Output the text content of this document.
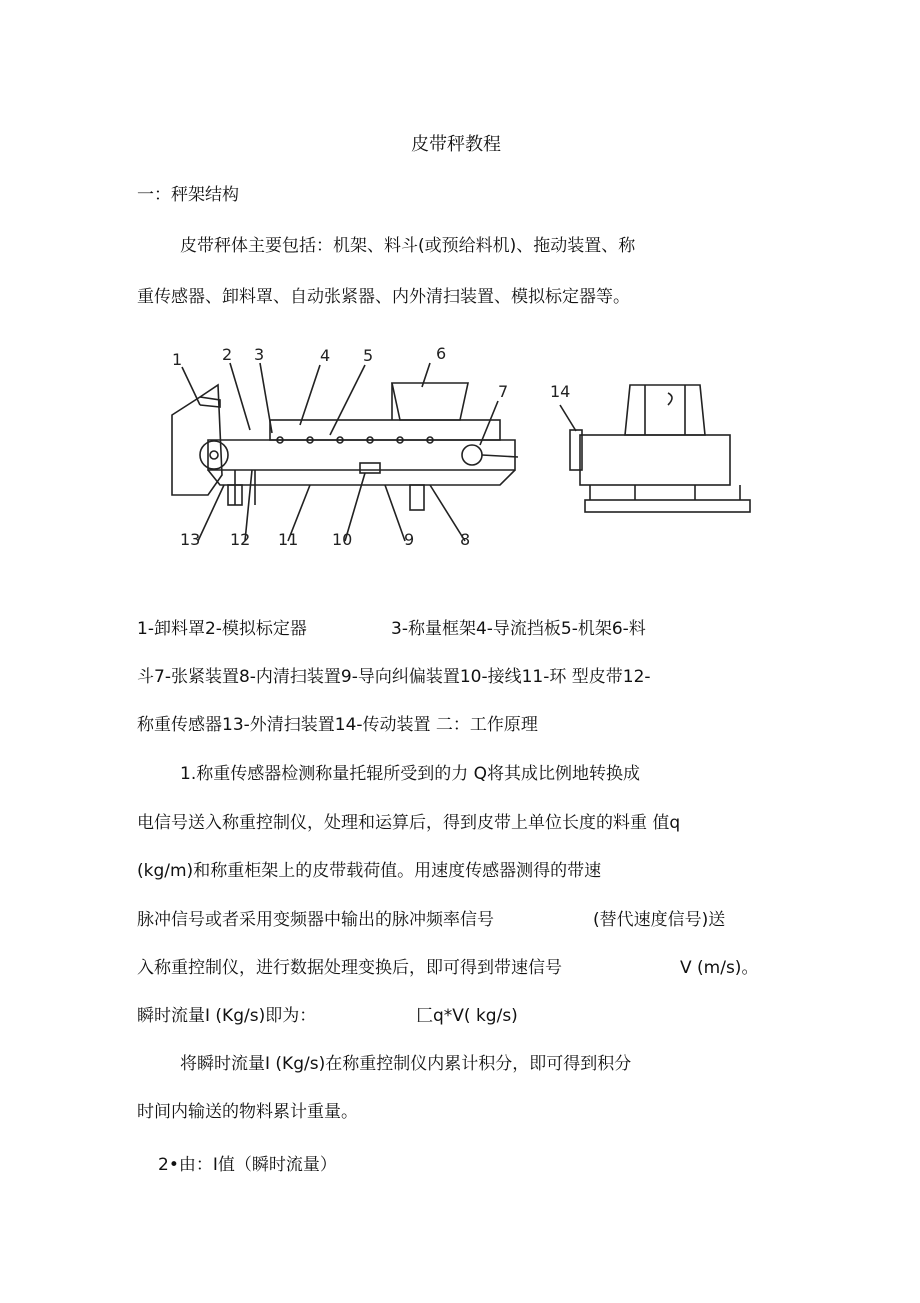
皮带秤教程
一：秤架结构
皮带秤体主要包括：机架、料斗(或预给料机)、拖动装置、称
重传感器、卸料罩、自动张紧器、内外清扫装置、模拟标定器等。
1 2 3	4 5	6
7
13 12 11 10	9	8
14
1-卸料罩2-模拟标定器	3-称量框架4-导流挡板5-机架6-料
斗7-张紧装置8-内清扫装置9-导向纠偏装置10-接线11-环 型皮带12-
称重传感器13-外清扫装置14-传动装置 二：工作原理
1.称重传感器检测称量托辊所受到的力 Q将其成比例地转换成
电信号送入称重控制仪，处理和运算后，得到皮带上单位长度的料重 值q
(kg/m)和称重柜架上的皮带载荷值。用速度传感器测得的带速
脉冲信号或者采用变频器中输出的脉冲频率信号	(替代速度信号)送
入称重控制仪，进行数据处理变换后，即可得到带速信号	V (m/s)。
瞬时流量I (Kg/s)即为：	匚q*V( kg/s)
将瞬时流量I (Kg/s)在称重控制仪内累计积分，即可得到积分
时间内输送的物料累计重量。
2•由：I值（瞬时流量）
